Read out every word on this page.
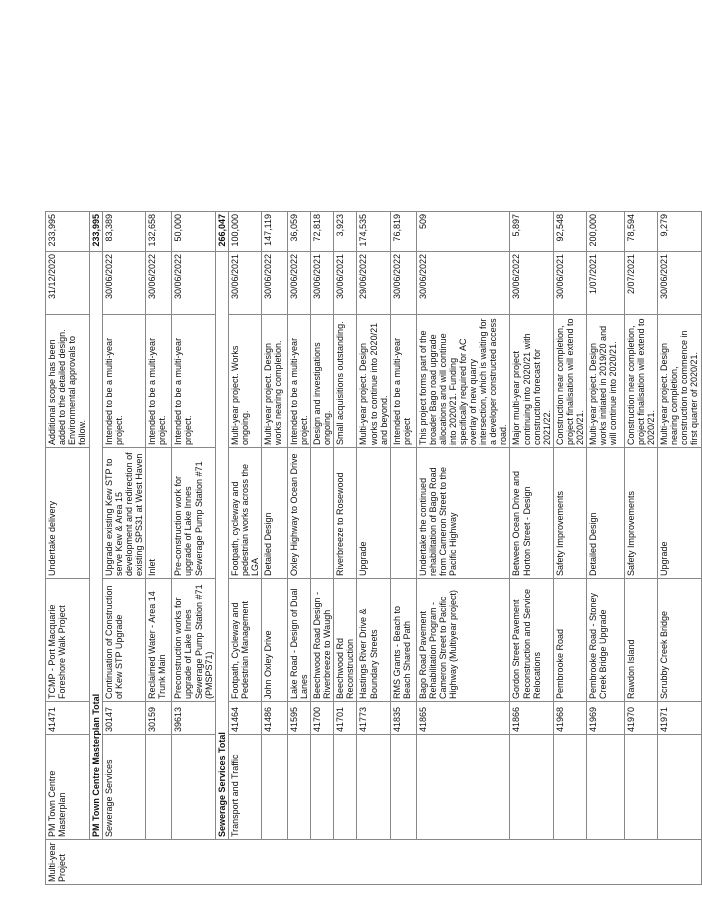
Multi-year Project	PM Town Centre Masterplan	41471	TCMP - Port Macquarie Foreshore Walk Project	Undertake delivery	Additional scope has been added to the detailed design. Environmental approvals to follow.	31/12/2020	233,995
	PM Town Centre Masterplan Total						233,995
	Sewerage Services	30147	Continuation of Construction of Kew STP Upgrade	Upgrade existing Kew STP to serve Kew & Area 15 development and redirection of existing SPS31 at West Haven	Intended to be a multi-year project.	30/06/2022	83,389
		30159	Reclaimed Water - Area 14 Trunk Main	Inlet	Intended to be a multi-year project.	30/06/2022	132,658
		39613	Preconstruction works for upgrade of Lake Innes Sewerage Pump Station #71 (PMSPS71)	Pre-construction work for upgrade of Lake Innes Sewerage Pump Station #71	Intended to be a multi-year project.	30/06/2022	50,000
	Sewerage Services Total						266,047
	Transport and Traffic	41464	Footpath, Cycleway and Pedestrian Management	Footpath, cycleway and pedestrian works across the LGA	Multi-year project. Works ongoing.	30/06/2021	100,000
		41486	John Oxley Drive	Detailed Design	Multi-year project. Design works nearing completion.	30/06/2022	147,119
		41595	Lake Road - Design of Dual Lanes	Oxley Highway to Ocean Drive	Intended to be a multi-year project.	30/06/2022	36,059
		41700	Beechwood Road Design - Riverbreeze to Waugh		Design and investigations ongoing.	30/06/2021	72,818
		41701	Beechwood Rd Reconstruction	Riverbreeze to Rosewood	Small acquisitions outstanding.	30/06/2021	3,923
		41773	Hastings River Drive & Boundary Streets	Upgrade	Multi-year project. Design works to continue into 2020/21 and beyond.	29/06/2022	174,535
		41835	RMS Grants - Beach to Beach Shared Path		Intended to be a multi-year project	30/06/2022	76,819
		41865	Bago Road Pavement Rehabilitation Program - Cameron Street to Pacific Highway (Multiyear project)	Undertake the continued rehabilitation of Bago Road from Cameron Street to the Pacific Highway	This project forms part of the broader Bago road upgrade allocations and will continue into 2020/21. Funding specifically required for AC overlay of new quarry intersection, which is waiting for a developer constructed access road.	30/06/2022	509
		41866	Gordon Street Pavement Reconstruction and Service Relocations	Between Ocean Drive and Horton Street - Design	Major multi-year project continuing into 2020/21 with construction forecast for 2021/22.	30/06/2022	5,897
		41968	Pembrooke Road	Safety Improvements	Construction near completion, project finalisation will extend to 2020/21.	30/06/2021	92,548
		41969	Pembrooke Road - Stoney Creek Bridge Upgrade	Detailed Design	Multi-year project. Design works initiated in 2019/20 and will continue into 2020/21.	1/07/2021	200,000
		41970	Rawdon Island	Safety Improvements	Construction near completion, project finalisation will extend to 2020/21.	2/07/2021	78,594
		41971	Scrubby Creek Bridge	Upgrade	Multi-year project. Design nearing completion, construction to commence in first quarter of 2020/21.	30/06/2021	9,279
